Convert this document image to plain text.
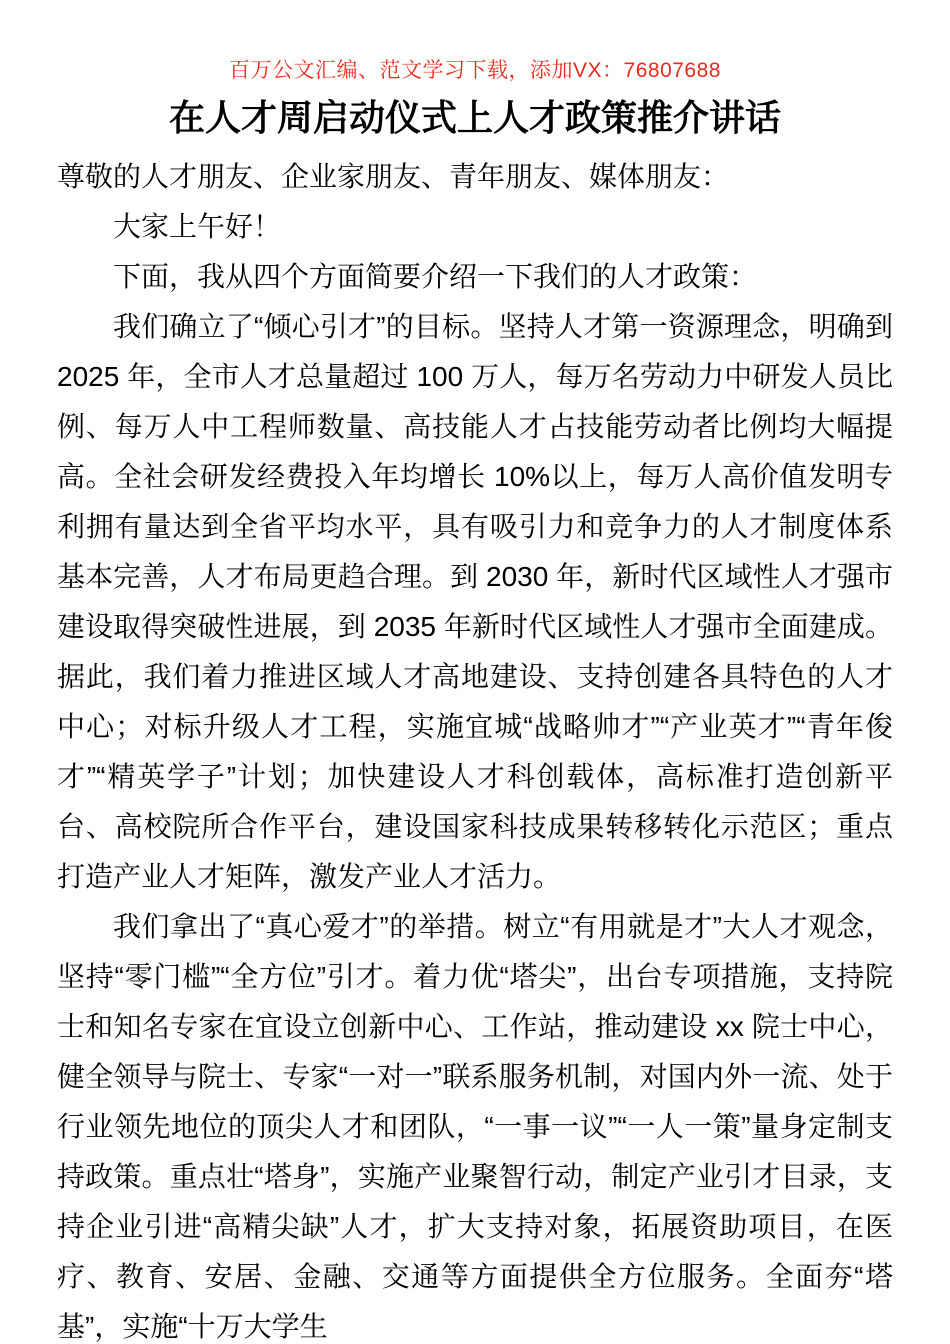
百万公文汇编、范文学习下载，添加VX：76807688
在人才周启动仪式上人才政策推介讲话

尊敬的人才朋友、企业家朋友、青年朋友、媒体朋友：

大家上午好！

下面，我从四个方面简要介绍一下我们的人才政策：

我们确立了“倾心引才”的目标。坚持人才第一资源理念，明确到 2025 年，全市人才总量超过 100 万人，每万名劳动力中研发人员比例、每万人中工程师数量、高技能人才占技能劳动者比例均大幅提高。全社会研发经费投入年均增长 10%以上，每万人高价值发明专利拥有量达到全省平均水平，具有吸引力和竞争力的人才制度体系基本完善，人才布局更趋合理。到 2030 年，新时代区域性人才强市建设取得突破性进展，到 2035 年新时代区域性人才强市全面建成。据此，我们着力推进区域人才高地建设、支持创建各具特色的人才中心；对标升级人才工程，实施宜城“战略帅才”“产业英才”“青年俊才”“精英学子”计划；加快建设人才科创载体，高标准打造创新平台、高校院所合作平台，建设国家科技成果转移转化示范区；重点打造产业人才矩阵，激发产业人才活力。

我们拿出了“真心爱才”的举措。树立“有用就是才”大人才观念，坚持“零门槛”“全方位”引才。着力优“塔尖”，出台专项措施，支持院士和知名专家在宜设立创新中心、工作站，推动建设 xx 院士中心，健全领导与院士、专家“一对一”联系服务机制，对国内外一流、处于行业领先地位的顶尖人才和团队，“一事一议”“一人一策”量身定制支持政策。重点壮“塔身”，实施产业聚智行动，制定产业引才目录，支持企业引进“高精尖缺”人才，扩大支持对象，拓展资助项目，在医疗、教育、安居、金融、交通等方面提供全方位服务。全面夯“塔基”，实施“十万大学生
